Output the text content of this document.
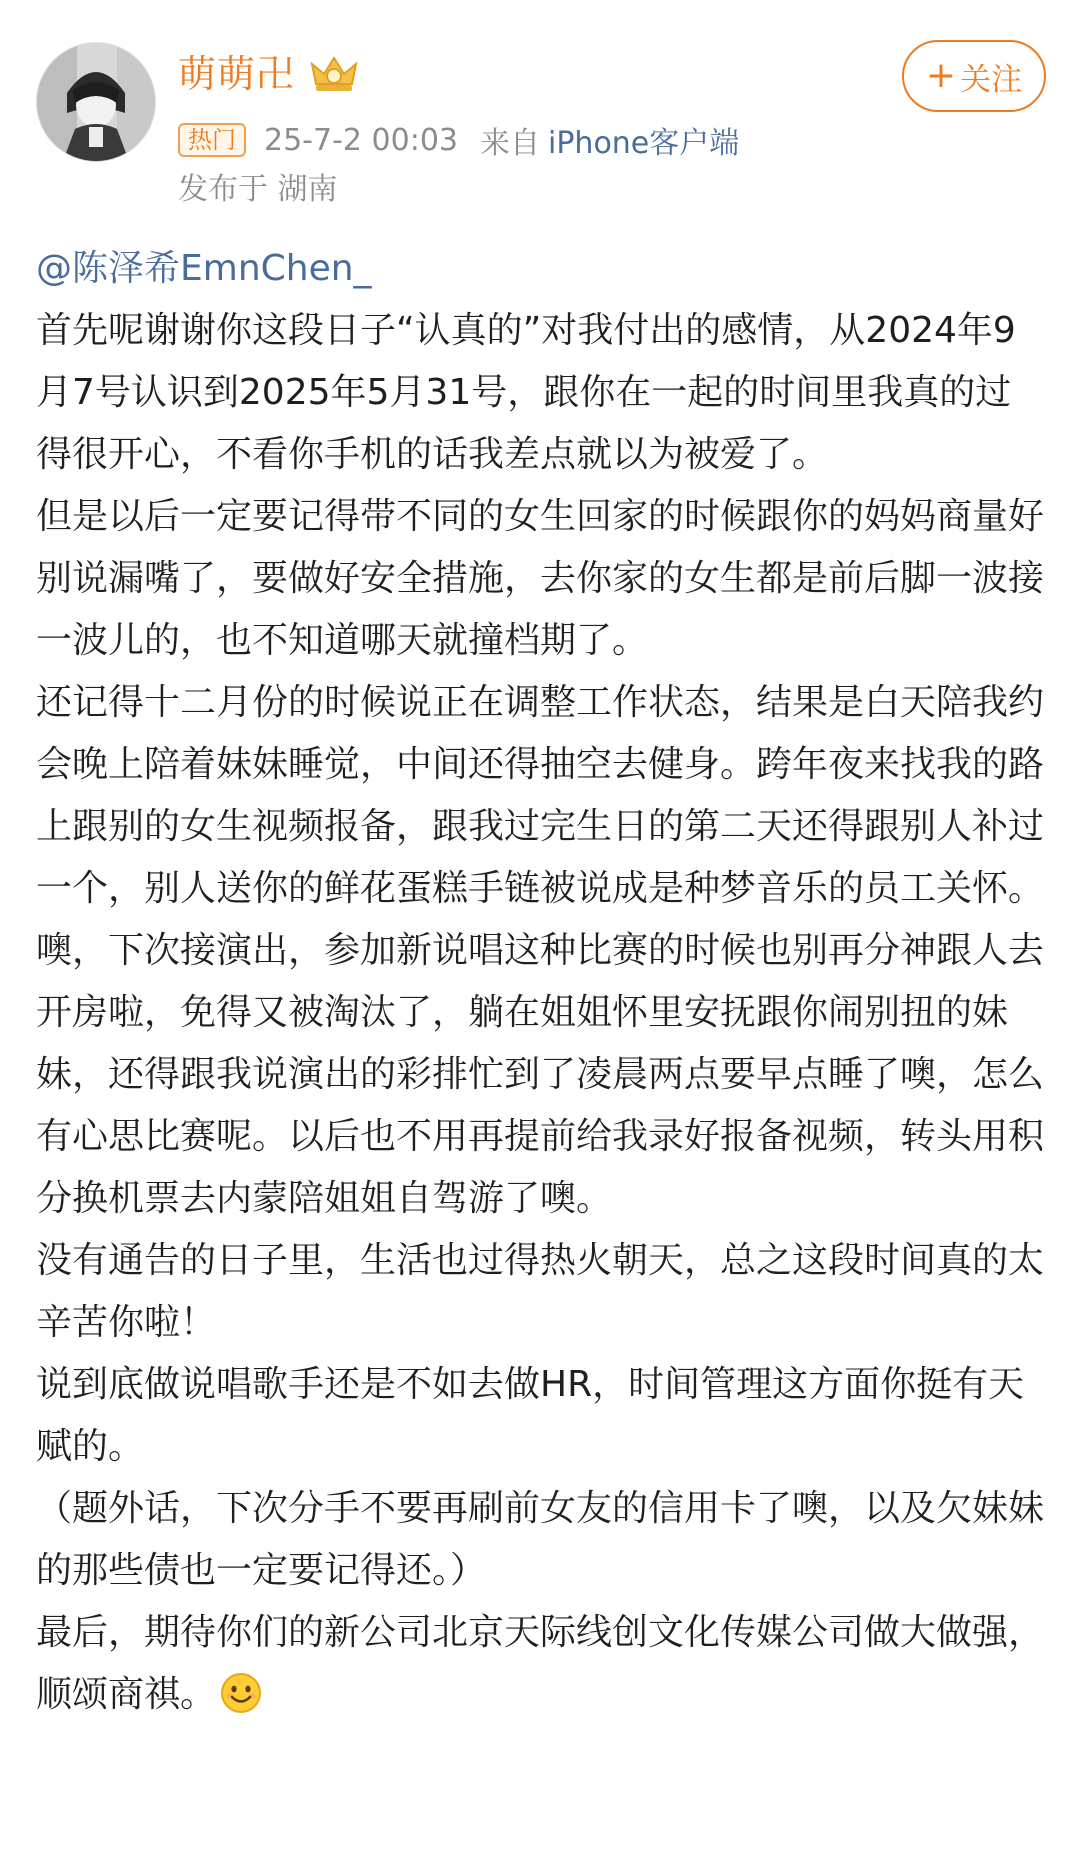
萌萌卍
热门 25-7-2 00:03 来自 iPhone客户端
发布于 湖南
+ 关注
@陈泽希EmnChen_
首先呢谢谢你这段日子“认真的”对我付出的感情，从2024年9月7号认识到2025年5月31号，跟你在一起的时间里我真的过得很开心，不看你手机的话我差点就以为被爱了。
但是以后一定要记得带不同的女生回家的时候跟你的妈妈商量好别说漏嘴了，要做好安全措施，去你家的女生都是前后脚一波接一波儿的，也不知道哪天就撞档期了。
还记得十二月份的时候说正在调整工作状态，结果是白天陪我约会晚上陪着妹妹睡觉，中间还得抽空去健身。跨年夜来找我的路上跟别的女生视频报备，跟我过完生日的第二天还得跟别人补过一个，别人送你的鲜花蛋糕手链被说成是种梦音乐的员工关怀。噢，下次接演出，参加新说唱这种比赛的时候也别再分神跟人去开房啦，免得又被淘汰了，躺在姐姐怀里安抚跟你闹别扭的妹妹，还得跟我说演出的彩排忙到了凌晨两点要早点睡了噢，怎么有心思比赛呢。以后也不用再提前给我录好报备视频，转头用积分换机票去内蒙陪姐姐自驾游了噢。
没有通告的日子里，生活也过得热火朝天，总之这段时间真的太辛苦你啦！
说到底做说唱歌手还是不如去做HR，时间管理这方面你挺有天赋的。
（题外话，下次分手不要再刷前女友的信用卡了噢，以及欠妹妹的那些债也一定要记得还。）
最后，期待你们的新公司北京天际线创文化传媒公司做大做强，顺颂商祺。
